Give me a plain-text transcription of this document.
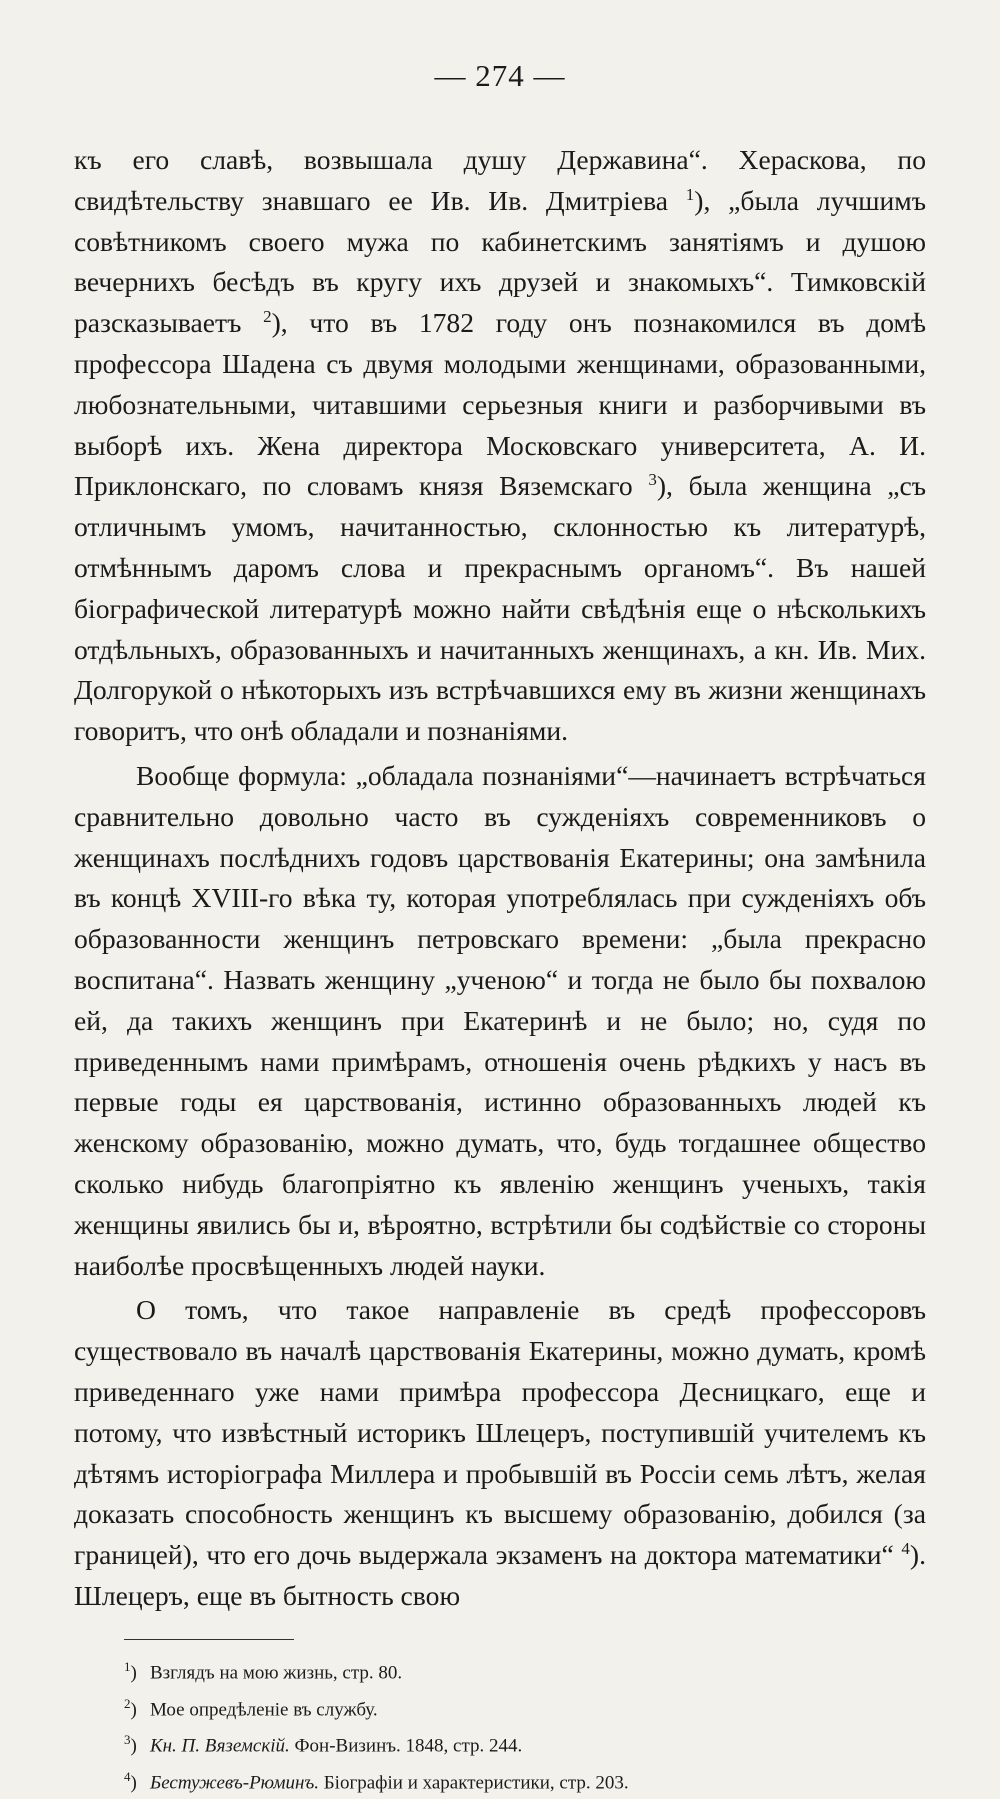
— 274 —

къ его славѣ, возвышала душу Державина“. Хераскова, по свидѣтельству знавшаго ее Ив. Ив. Дмитріева $^1$), „была лучшимъ совѣтникомъ своего мужа по кабинетскимъ занятіямъ и душою вечернихъ бесѣдъ въ кругу ихъ друзей и знакомыхъ“. Тимковскій разсказываетъ $^2$), что въ 1782 году онъ познакомился въ домѣ профессора Шадена съ двумя молодыми женщинами, образованными, любознательными, читавшими серьезныя книги и разборчивыми въ выборѣ ихъ. Жена директора Московскаго университета, А. И. Приклонскаго, по словамъ князя Вяземскаго $^3$), была женщина „съ отличнымъ умомъ, начитанностью, склонностью къ литературѣ, отмѣннымъ даромъ слова и прекраснымъ органомъ“. Въ нашей біографической литературѣ можно найти свѣдѣнія еще о нѣсколькихъ отдѣльныхъ, образованныхъ и начитанныхъ женщинахъ, а кн. Ив. Мих. Долгорукой о нѣкоторыхъ изъ встрѣчавшихся ему въ жизни женщинахъ говоритъ, что онѣ обладали и познаніями.

Вообще формула: „обладала познаніями“—начинаетъ встрѣчаться сравнительно довольно часто въ сужденіяхъ современниковъ о женщинахъ послѣднихъ годовъ царствованія Екатерины; она замѣнила въ концѣ XVIII-го вѣка ту, которая употреблялась при сужденіяхъ объ образованности женщинъ петровскаго времени: „была прекрасно воспитана“. Назвать женщину „ученою“ и тогда не было бы похвалою ей, да такихъ женщинъ при Екатеринѣ и не было; но, судя по приведеннымъ нами примѣрамъ, отношенія очень рѣдкихъ у насъ въ первые годы ея царствованія, истинно образованныхъ людей къ женскому образованію, можно думать, что, будь тогдашнее общество сколько нибудь благопріятно къ явленію женщинъ ученыхъ, такія женщины явились бы и, вѣроятно, встрѣтили бы содѣйствіе со стороны наиболѣе просвѣщенныхъ людей науки.

О томъ, что такое направленіе въ средѣ профессоровъ существовало въ началѣ царствованія Екатерины, можно думать, кромѣ приведеннаго уже нами примѣра профессора Десницкаго, еще и потому, что извѣстный историкъ Шлецеръ, поступившій учителемъ къ дѣтямъ исторіографа Миллера и пробывшій въ Россіи семь лѣтъ, желая доказать способность женщинъ къ высшему образованію, добился (за границей), что его дочь выдержала экзаменъ на доктора математики“ $^4$). Шлецеръ, еще въ бытность свою

$^1$) Взглядъ на мою жизнь, стр. 80.
$^2$) Мое опредѣленіе въ службу.
$^3$) Кн. П. Вяземскій. Фон-Визинъ. 1848, стр. 244.
$^4$) Бестужевъ-Рюминъ. Біографіи и характеристики, стр. 203.
